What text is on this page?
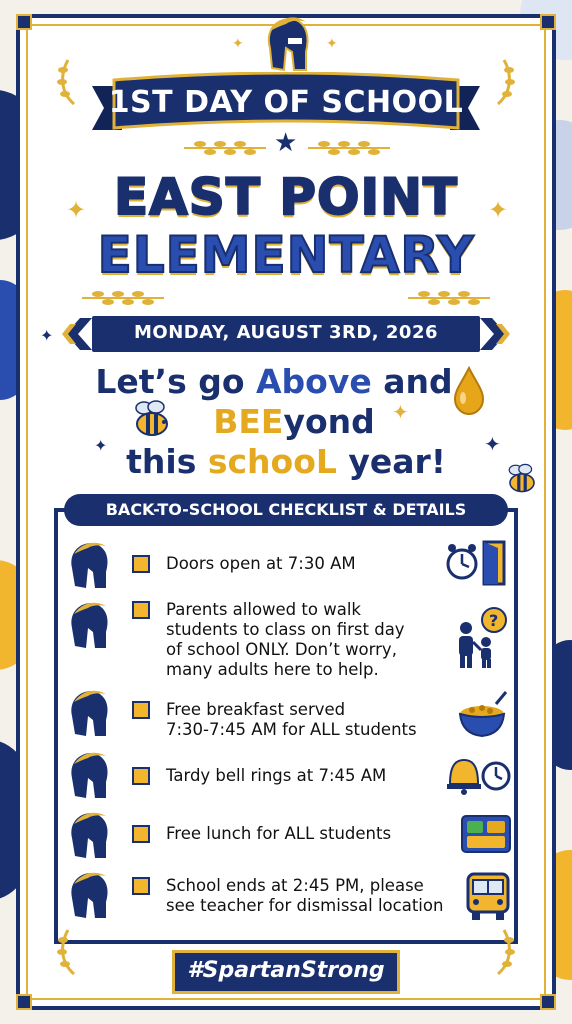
1ST DAY OF SCHOOL
★
✦	✦
✦	✦
EAST POINT
ELEMENTARY
MONDAY, AUGUST 3RD, 2026
Let’s go Above and
BEEyond
this schooL year!
✦
✦
✦
✦
BACK-TO-SCHOOL CHECKLIST & DETAILS
Doors open at 7:30 AM
Parents allowed to walk
students to class on first day
of school ONLY. Don’t worry,
many adults here to help.
?
Free breakfast served
7:30-7:45 AM for ALL students
Tardy bell rings at 7:45 AM
Free lunch for ALL students
School ends at 2:45 PM, please
see teacher for dismissal location
#SpartanStrong
